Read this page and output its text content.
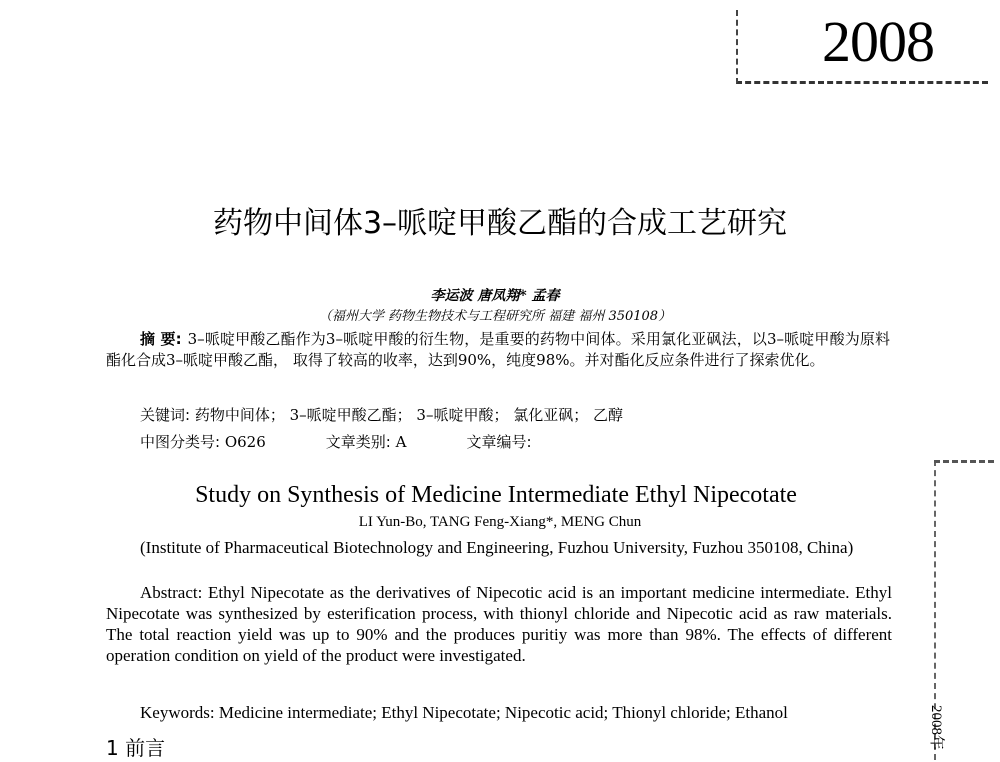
2008
药物中间体3–哌啶甲酸乙酯的合成工艺研究
李运波 唐凤翔* 孟春
（福州大学 药物生物技术与工程研究所 福建 福州 350108）
摘 要: 3–哌啶甲酸乙酯作为3–哌啶甲酸的衍生物，是重要的药物中间体。采用氯化亚砜法，以3–哌啶甲酸为原料酯化合成3–哌啶甲酸乙酯， 取得了较高的收率，达到90%，纯度98%。并对酯化反应条件进行了探索优化。
关键词: 药物中间体； 3–哌啶甲酸乙酯； 3–哌啶甲酸； 氯化亚砜； 乙醇
中图分类号: O626	文章类别: A	文章编号:
Study on Synthesis of Medicine Intermediate Ethyl Nipecotate
LI Yun-Bo, TANG Feng-Xiang*, MENG Chun
(Institute of Pharmaceutical Biotechnology and Engineering, Fuzhou University, Fuzhou 350108, China)
Abstract: Ethyl Nipecotate as the derivatives of Nipecotic acid is an important medicine intermediate. Ethyl Nipecotate was synthesized by esterification process, with thionyl chloride and Nipecotic acid as raw materials. The total reaction yield was up to 90% and the produces puritiy was more than 98%. The effects of different operation condition on yield of the product were investigated.
Keywords: Medicine intermediate; Ethyl Nipecotate; Nipecotic acid; Thionyl chloride; Ethanol
1 前言	2008年
